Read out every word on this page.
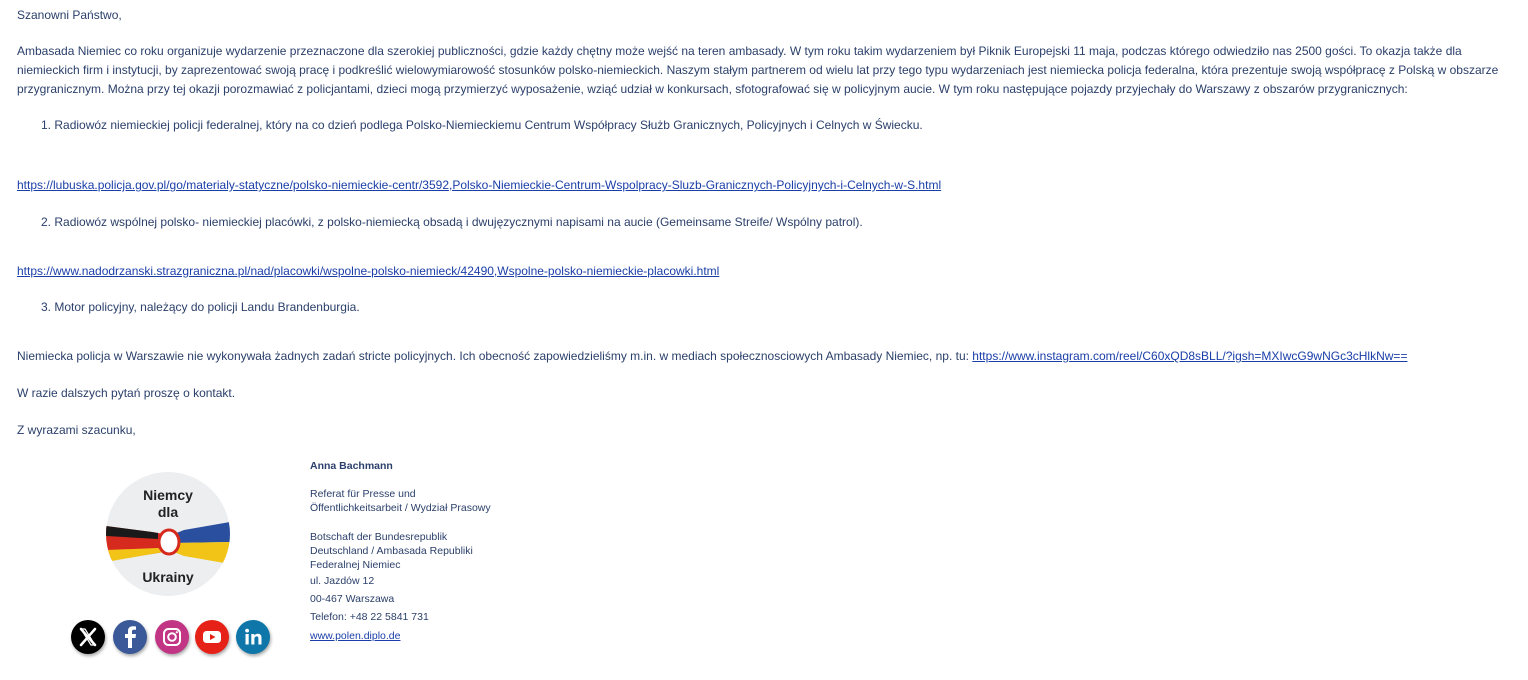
Szanowni Państwo,

Ambasada Niemiec co roku organizuje wydarzenie przeznaczone dla szerokiej publiczności, gdzie każdy chętny może wejść na teren ambasady. W tym roku takim wydarzeniem był Piknik Europejski 11 maja, podczas którego odwiedziło nas 2500 gości. To okazja także dla niemieckich firm i instytucji, by zaprezentować swoją pracę i podkreślić wielowymiarowość stosunków polsko-niemieckich. Naszym stałym partnerem od wielu lat przy tego typu wydarzeniach jest niemiecka policja federalna, która prezentuje swoją współpracę z Polską w obszarze przygranicznym. Można przy tej okazji porozmawiać z policjantami, dzieci mogą przymierzyć wyposażenie, wziąć udział w konkursach, sfotografować się w policyjnym aucie. W tym roku następujące pojazdy przyjechały do Warszawy z obszarów przygranicznych:

1. Radiowóz niemieckiej policji federalnej, który na co dzień podlega Polsko-Niemieckiemu Centrum Współpracy Służb Granicznych, Policyjnych i Celnych w Świecku.

https://lubuska.policja.gov.pl/go/materialy-statyczne/polsko-niemieckie-centr/3592,Polsko-Niemieckie-Centrum-Wspolpracy-Sluzb-Granicznych-Policyjnych-i-Celnych-w-S.html

2. Radiowóz wspólnej polsko- niemieckiej placówki, z polsko-niemiecką obsadą i dwujęzycznymi napisami na aucie (Gemeinsame Streife/ Wspólny patrol).

https://www.nadodrzanski.strazgraniczna.pl/nad/placowki/wspolne-polsko-niemieck/42490,Wspolne-polsko-niemieckie-placowki.html

3. Motor policyjny, należący do policji Landu Brandenburgia.

Niemiecka policja w Warszawie nie wykonywała żadnych zadań stricte policyjnych. Ich obecność zapowiedzieliśmy m.in. w mediach społecznosciowych Ambasady Niemiec, np. tu: https://www.instagram.com/reel/C60xQD8sBLL/?igsh=MXIwcG9wNGc3cHlkNw==

W razie dalszych pytań proszę o kontakt.

Z wyrazami szacunku,

Niemcy
dla
Ukrainy

Anna Bachmann

Referat für Presse und

Öffentlichkeitsarbeit / Wydział Prasowy

Botschaft der Bundesrepublik

Deutschland / Ambasada Republiki

Federalnej Niemiec

ul. Jazdów 12

00-467 Warszawa

Telefon: +48 22 5841 731

www.polen.diplo.de
